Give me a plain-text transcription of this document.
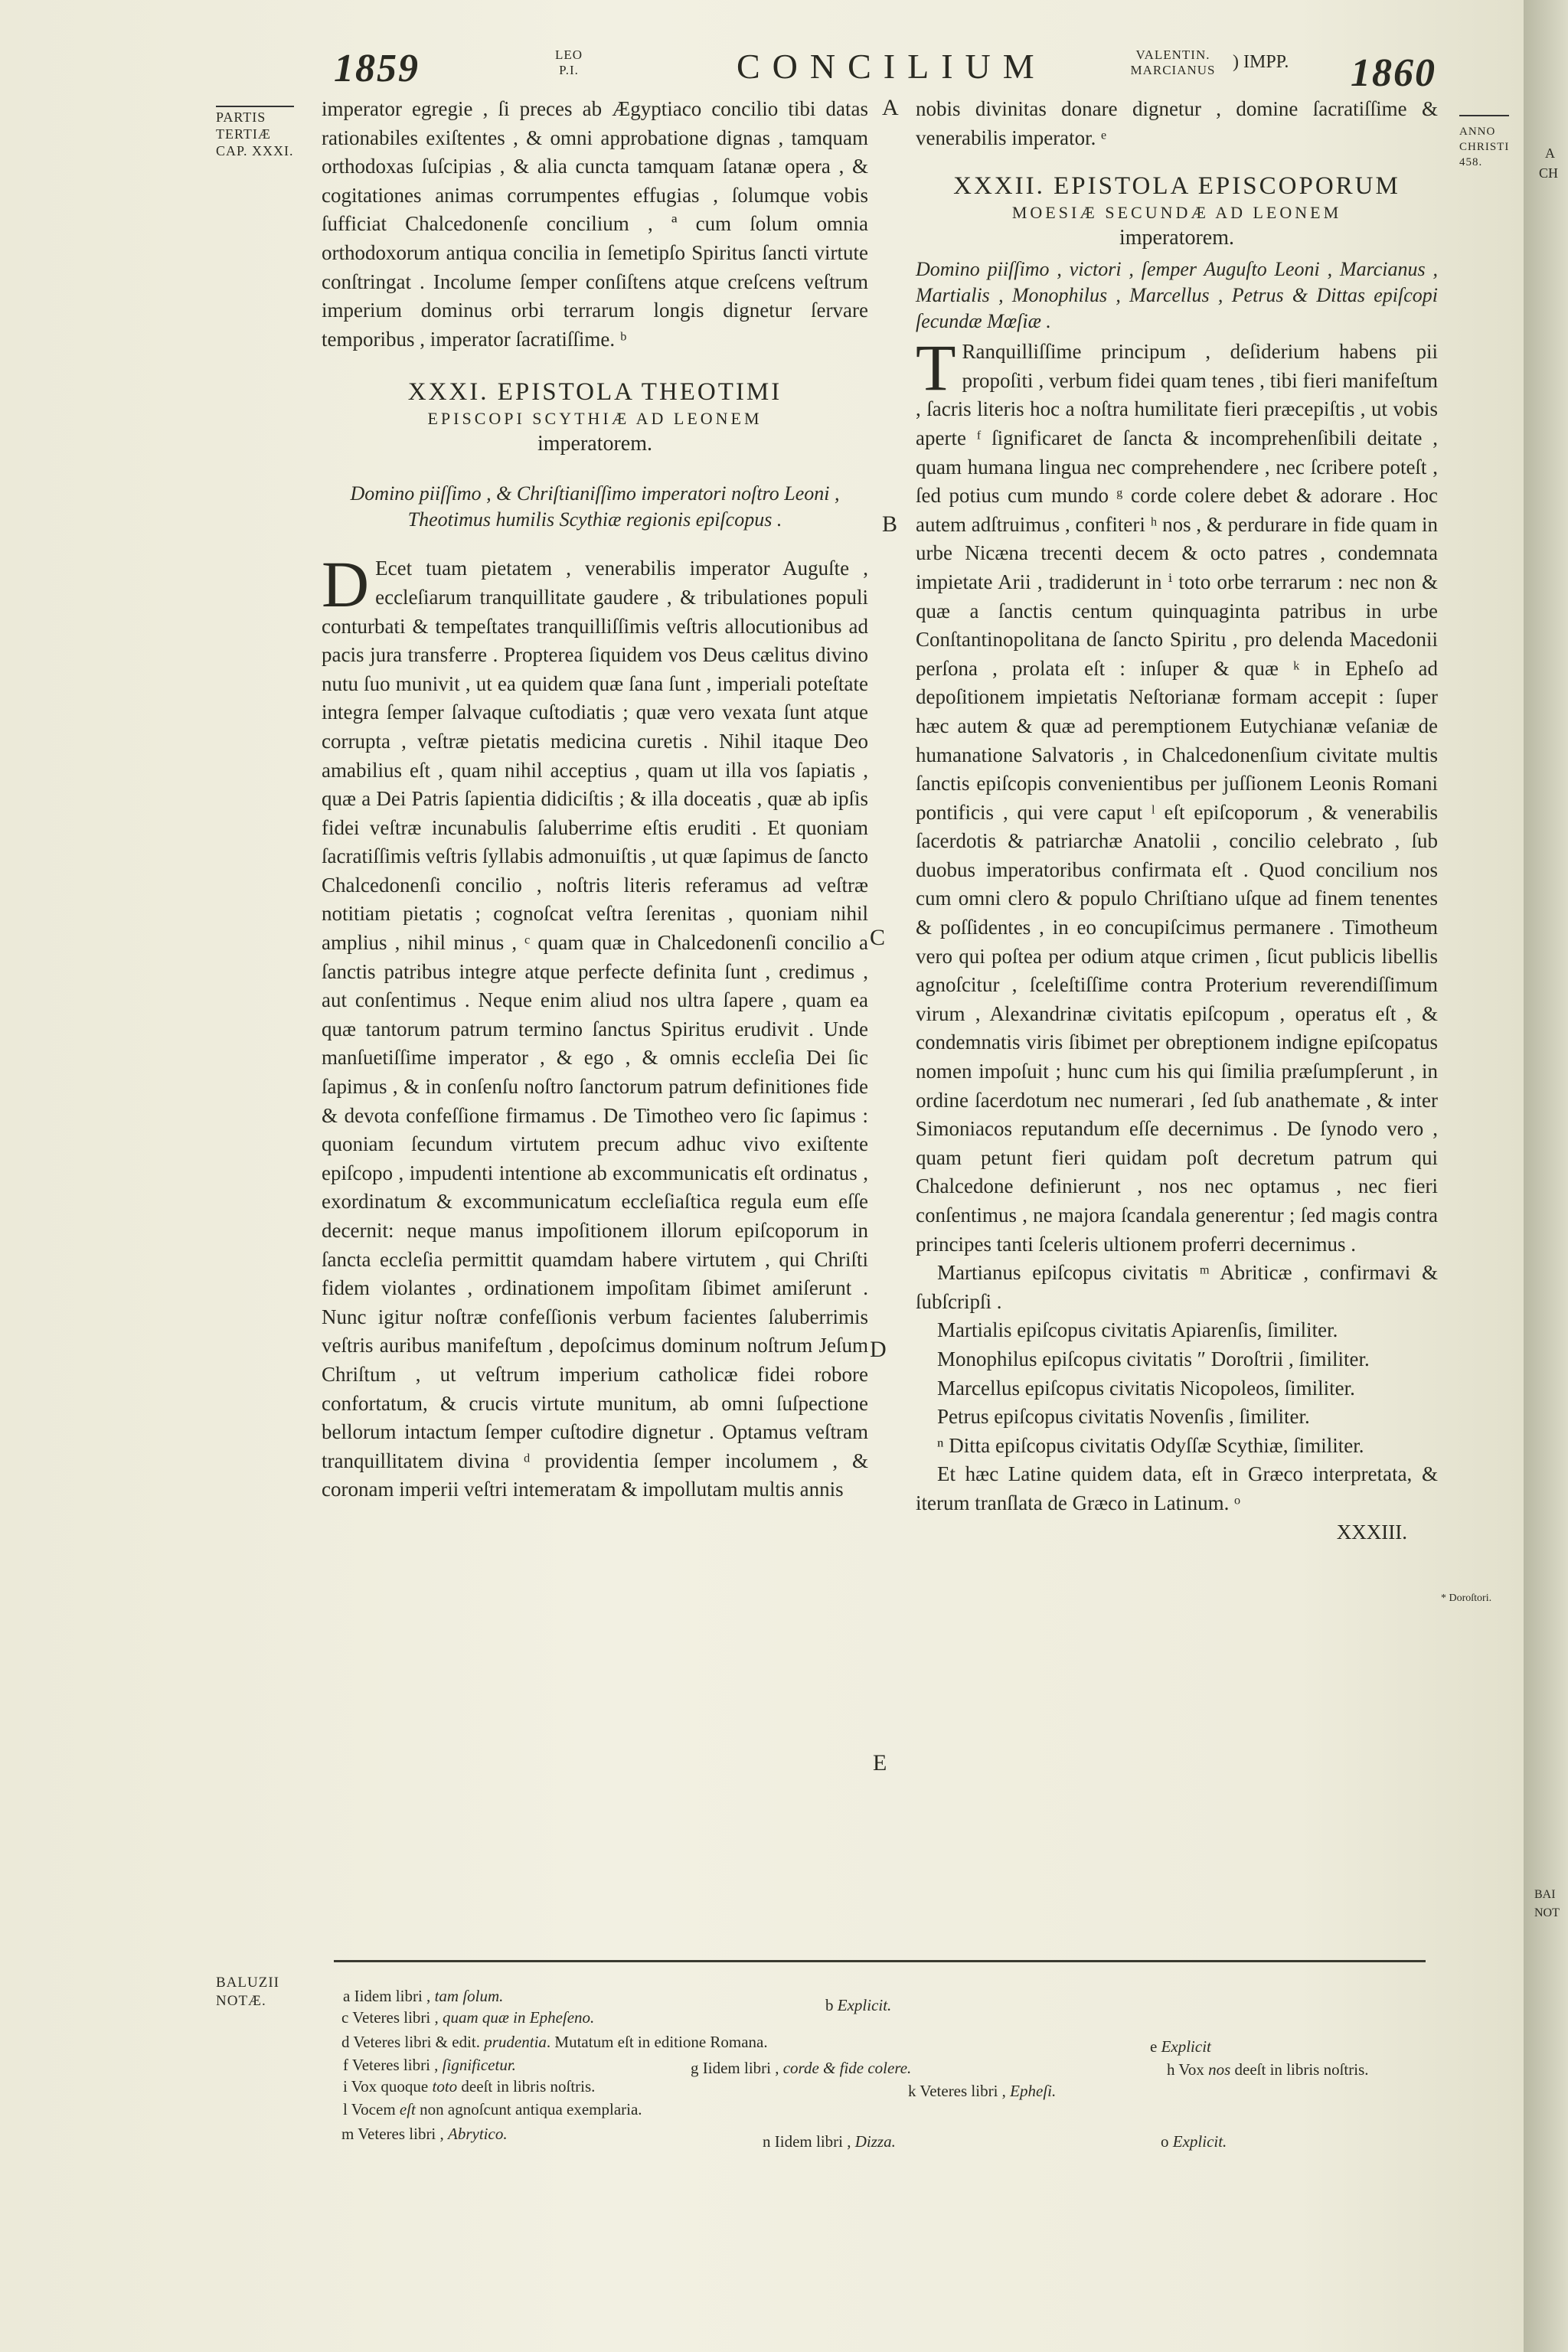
1859	LEO
P.I.	CONCILIUM	VALENTIN.
MARCIANUS ) IMPP. 1860
PARTIS
TERTIÆ
CAP. XXXI.
ANNO
CHRISTI
458.
A
B
C
D
E

imperator egregie , ſi preces ab Ægyptiaco concilio tibi datas rationabiles exiſtentes , & omni approbatione dignas , tamquam orthodoxas ſuſcipias , & alia cuncta tamquam ſatanæ opera , & cogitationes animas corrumpentes effugias , ſolumque vobis ſufficiat Chalcedonenſe concilium , ª cum ſolum omnia orthodoxorum antiqua concilia in ſemetipſo Spiritus ſancti virtute conſtringat . Incolume ſemper conſiſtens atque creſcens veſtrum imperium dominus orbi terrarum longis dignetur ſervare temporibus , imperator ſacratiſſime. ᵇ

XXXI. EPISTOLA THEOTIMI
EPISCOPI SCYTHIÆ AD LEONEM
imperatorem.
Domino piiſſimo , & Chriſtianiſſimo imperatori noſtro Leoni , Theotimus humilis Scythiæ regionis epiſcopus .

D Ecet tuam pietatem , venerabilis imperator Auguſte , eccleſiarum tranquillitate gaudere , & tribulationes populi conturbati & tempeſtates tranquilliſſimis veſtris allocutionibus ad pacis jura transferre . Propterea ſiquidem vos Deus cælitus divino nutu ſuo munivit , ut ea quidem quæ ſana ſunt , imperiali poteſtate integra ſemper ſalvaque cuſtodiatis ; quæ vero vexata ſunt atque corrupta , veſtræ pietatis medicina curetis . Nihil itaque Deo amabilius eſt , quam nihil acceptius , quam ut illa vos ſapiatis , quæ a Dei Patris ſapientia didiciſtis ; & illa doceatis , quæ ab ipſis fidei veſtræ incunabulis ſaluberrime eſtis eruditi . Et quoniam ſacratiſſimis veſtris ſyllabis admonuiſtis , ut quæ ſapimus de ſancto Chalcedonenſi concilio , noſtris literis referamus ad veſtræ notitiam pietatis ; cognoſcat veſtra ſerenitas , quoniam nihil amplius , nihil minus , ᶜ quam quæ in Chalcedonenſi concilio a ſanctis patribus integre atque perfecte definita ſunt , credimus , aut conſentimus . Neque enim aliud nos ultra ſapere , quam ea quæ tantorum patrum termino ſanctus Spiritus erudivit . Unde manſuetiſſime imperator , & ego , & omnis eccleſia Dei ſic ſapimus , & in conſenſu noſtro ſanctorum patrum definitiones fide & devota confeſſione firmamus . De Timotheo vero ſic ſapimus : quoniam ſecundum virtutem precum adhuc vivo exiſtente epiſcopo , impudenti intentione ab excommunicatis eſt ordinatus , exordinatum & excommunicatum eccleſiaſtica regula eum eſſe decernit: neque manus impoſitionem illorum epiſcoporum in ſancta eccleſia permittit quamdam habere virtutem , qui Chriſti fidem violantes , ordinationem impoſitam ſibimet amiſerunt . Nunc igitur noſtræ confeſſionis verbum facientes ſaluberrimis veſtris auribus manifeſtum , depoſcimus dominum noſtrum Jeſum Chriſtum , ut veſtrum imperium catholicæ fidei robore confortatum, & crucis virtute munitum, ab omni ſuſpectione bellorum intactum ſemper cuſtodire dignetur . Optamus veſtram tranquillitatem divina ᵈ providentia ſemper incolumem , & coronam imperii veſtri intemeratam & impollutam multis annis

nobis divinitas donare dignetur , domine ſacratiſſime & venerabilis imperator. ᵉ

XXXII. EPISTOLA EPISCOPORUM
MOESIÆ SECUNDÆ AD LEONEM
imperatorem.
Domino piiſſimo , victori , ſemper Auguſto Leoni , Marcianus , Martialis , Monophilus , Marcellus , Petrus & Dittas epiſcopi ſecundæ Mœſiæ .

T Ranquilliſſime principum , deſiderium habens pii propoſiti , verbum fidei quam tenes , tibi fieri manifeſtum , ſacris literis hoc a noſtra humilitate fieri præcepiſtis , ut vobis aperte ᶠ ſignificaret de ſancta & incomprehenſibili deitate , quam humana lingua nec comprehendere , nec ſcribere poteſt , ſed potius cum mundo ᵍ corde colere debet & adorare . Hoc autem adſtruimus , confiteri ʰ nos , & perdurare in fide quam in urbe Nicæna trecenti decem & octo patres , condemnata impietate Arii , tradiderunt in ⁱ toto orbe terrarum : nec non & quæ a ſanctis centum quinquaginta patribus in urbe Conſtantinopolitana de ſancto Spiritu , pro delenda Macedonii perſona , prolata eſt : inſuper & quæ ᵏ in Epheſo ad depoſitionem impietatis Neſtorianæ formam accepit : ſuper hæc autem & quæ ad peremptionem Eutychianæ veſaniæ de humanatione Salvatoris , in Chalcedonenſium civitate multis ſanctis epiſcopis convenientibus per juſſionem Leonis Romani pontificis , qui vere caput ˡ eſt epiſcoporum , & venerabilis ſacerdotis & patriarchæ Anatolii , concilio celebrato , ſub duobus imperatoribus confirmata eſt . Quod concilium nos cum omni clero & populo Chriſtiano uſque ad finem tenentes & poſſidentes , in eo concupiſcimus permanere . Timotheum vero qui poſtea per odium atque crimen , ſicut publicis libellis agnoſcitur , ſceleſtiſſime contra Proterium reverendiſſimum virum , Alexandrinæ civitatis epiſcopum , operatus eſt , & condemnatis viris ſibimet per obreptionem indigne epiſcopatus nomen impoſuit ; hunc cum his qui ſimilia præſumpſerunt , in ordine ſacerdotum nec numerari , ſed ſub anathemate , & inter Simoniacos reputandum eſſe decernimus . De ſynodo vero , quam petunt fieri quidam poſt decretum patrum qui Chalcedone definierunt , nos nec optamus , nec fieri conſentimus , ne majora ſcandala generentur ; ſed magis contra principes tanti ſceleris ultionem proferri decernimus .

Martianus epiſcopus civitatis ᵐ Abriticæ , confirmavi & ſubſcripſi .

Martialis epiſcopus civitatis Apiarenſis, ſimiliter.

Monophilus epiſcopus civitatis ″ Doroſtrii , ſimiliter.

Marcellus epiſcopus civitatis Nicopoleos, ſimiliter.

Petrus epiſcopus civitatis Novenſis , ſimiliter.

ⁿ Ditta epiſcopus civitatis Odyſſæ Scythiæ, ſimiliter.

Et hæc Latine quidem data, eſt in Græco interpretata, & iterum tranſlata de Græco in Latinum. ᵒ

XXXIII.
* Doroſtori.
BALUZII
NOTÆ.	a Iidem libri , tam ſolum.	b Explicit.
c Veteres libri , quam quæ in Epheſeno.
d Veteres libri & edit. prudentia. Mutatum eſt in editione Romana.	e Explicit
f Veteres libri , ſignificetur.	g Iidem libri , corde & fide colere.	h Vox nos deeſt in libris noſtris.
i Vox quoque toto deeſt in libris noſtris.	k Veteres libri , Epheſi.
l Vocem eſt non agnoſcunt antiqua exemplaria.
m Veteres libri , Abrytico.	n Iidem libri , Dizza.	o Explicit.
A
CH
BAI
NOT
